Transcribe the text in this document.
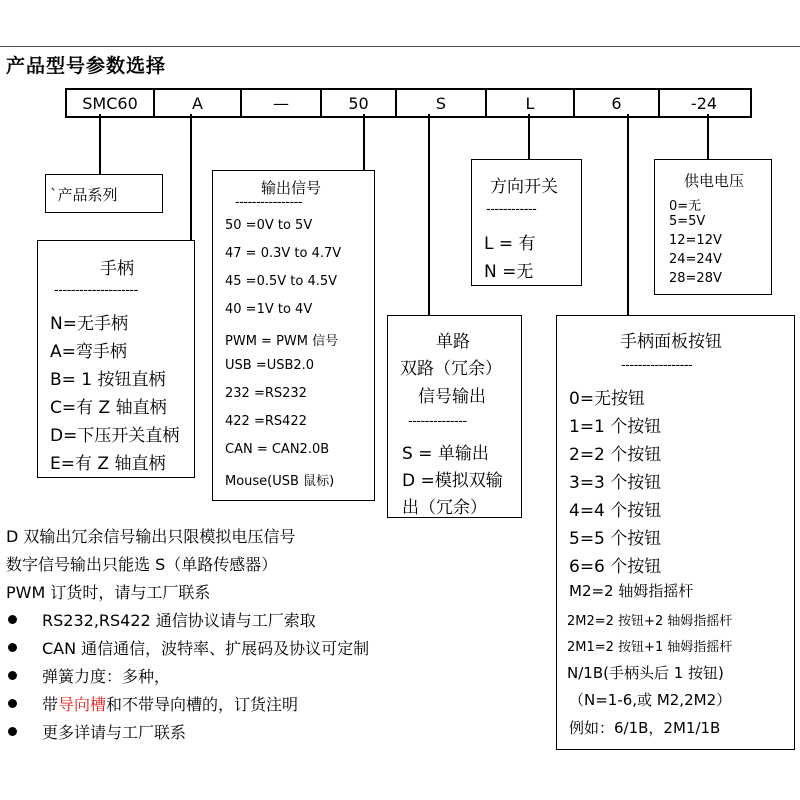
产品型号参数选择
SMC60	A	—	50	S	L	6	-24
`产品系列
手柄
--------------------
N=无手柄
A=弯手柄
B= 1 按钮直柄
C=有 Z 轴直柄
D=下压开关直柄
E=有 Z 轴直柄
输出信号
----------------
50 =0V to 5V
47 = 0.3V to 4.7V
45 =0.5V to 4.5V
40 =1V to 4V
PWM = PWM 信号
USB =USB2.0
232 =RS232
422 =RS422
CAN = CAN2.0B
Mouse(USB 鼠标)
单路
双路（冗余）
信号输出
--------------
S = 单输出
D =模拟双输
出（冗余）
方向开关
------------
L = 有
N =无
供电电压
0=无
5=5V
12=12V
24=24V
28=28V
手柄面板按钮
-----------------
0=无按钮
1=1 个按钮
2=2 个按钮
3=3 个按钮
4=4 个按钮
5=5 个按钮
6=6 个按钮
M2=2 轴姆指摇杆
2M2=2 按钮+2 轴姆指摇杆
2M1=2 按钮+1 轴姆指摇杆
N/1B(手柄头后 1 按钮)
（N=1-6,或 M2,2M2）
例如：6/1B，2M1/1B
D 双输出冗余信号输出只限模拟电压信号
数字信号输出只能选 S（单路传感器）
PWM 订货时，请与工厂联系
RS232,RS422 通信协议请与工厂索取
CAN 通信通信，波特率、扩展码及协议可定制
弹簧力度：多种，
带 导向槽 和不带导向槽的，订货注明
更多详请与工厂联系
